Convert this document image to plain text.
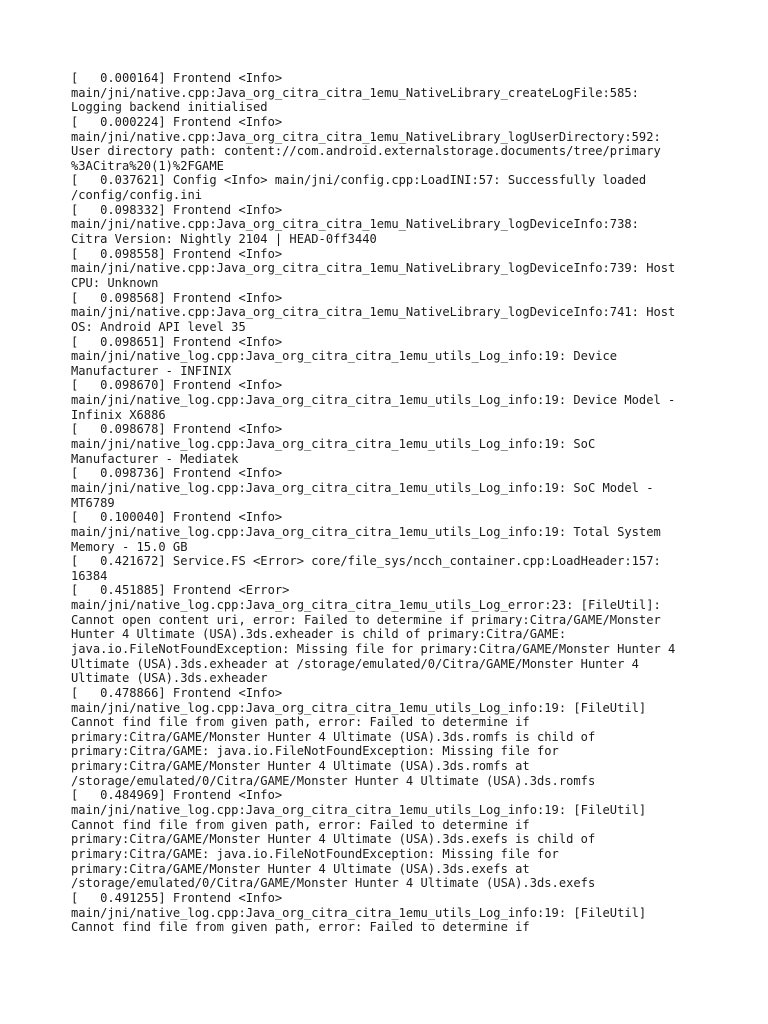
[   0.000164] Frontend <Info>
main/jni/native.cpp:Java_org_citra_citra_1emu_NativeLibrary_createLogFile:585:
Logging backend initialised
[   0.000224] Frontend <Info>
main/jni/native.cpp:Java_org_citra_citra_1emu_NativeLibrary_logUserDirectory:592:
User directory path: content://com.android.externalstorage.documents/tree/primary
%3ACitra%20(1)%2FGAME
[   0.037621] Config <Info> main/jni/config.cpp:LoadINI:57: Successfully loaded
/config/config.ini
[   0.098332] Frontend <Info>
main/jni/native.cpp:Java_org_citra_citra_1emu_NativeLibrary_logDeviceInfo:738:
Citra Version: Nightly 2104 | HEAD-0ff3440
[   0.098558] Frontend <Info>
main/jni/native.cpp:Java_org_citra_citra_1emu_NativeLibrary_logDeviceInfo:739: Host
CPU: Unknown
[   0.098568] Frontend <Info>
main/jni/native.cpp:Java_org_citra_citra_1emu_NativeLibrary_logDeviceInfo:741: Host
OS: Android API level 35
[   0.098651] Frontend <Info>
main/jni/native_log.cpp:Java_org_citra_citra_1emu_utils_Log_info:19: Device
Manufacturer - INFINIX
[   0.098670] Frontend <Info>
main/jni/native_log.cpp:Java_org_citra_citra_1emu_utils_Log_info:19: Device Model -
Infinix X6886
[   0.098678] Frontend <Info>
main/jni/native_log.cpp:Java_org_citra_citra_1emu_utils_Log_info:19: SoC
Manufacturer - Mediatek
[   0.098736] Frontend <Info>
main/jni/native_log.cpp:Java_org_citra_citra_1emu_utils_Log_info:19: SoC Model -
MT6789
[   0.100040] Frontend <Info>
main/jni/native_log.cpp:Java_org_citra_citra_1emu_utils_Log_info:19: Total System
Memory - 15.0 GB
[   0.421672] Service.FS <Error> core/file_sys/ncch_container.cpp:LoadHeader:157:
16384
[   0.451885] Frontend <Error>
main/jni/native_log.cpp:Java_org_citra_citra_1emu_utils_Log_error:23: [FileUtil]:
Cannot open content uri, error: Failed to determine if primary:Citra/GAME/Monster
Hunter 4 Ultimate (USA).3ds.exheader is child of primary:Citra/GAME:
java.io.FileNotFoundException: Missing file for primary:Citra/GAME/Monster Hunter 4
Ultimate (USA).3ds.exheader at /storage/emulated/0/Citra/GAME/Monster Hunter 4
Ultimate (USA).3ds.exheader
[   0.478866] Frontend <Info>
main/jni/native_log.cpp:Java_org_citra_citra_1emu_utils_Log_info:19: [FileUtil]
Cannot find file from given path, error: Failed to determine if
primary:Citra/GAME/Monster Hunter 4 Ultimate (USA).3ds.romfs is child of
primary:Citra/GAME: java.io.FileNotFoundException: Missing file for
primary:Citra/GAME/Monster Hunter 4 Ultimate (USA).3ds.romfs at
/storage/emulated/0/Citra/GAME/Monster Hunter 4 Ultimate (USA).3ds.romfs
[   0.484969] Frontend <Info>
main/jni/native_log.cpp:Java_org_citra_citra_1emu_utils_Log_info:19: [FileUtil]
Cannot find file from given path, error: Failed to determine if
primary:Citra/GAME/Monster Hunter 4 Ultimate (USA).3ds.exefs is child of
primary:Citra/GAME: java.io.FileNotFoundException: Missing file for
primary:Citra/GAME/Monster Hunter 4 Ultimate (USA).3ds.exefs at
/storage/emulated/0/Citra/GAME/Monster Hunter 4 Ultimate (USA).3ds.exefs
[   0.491255] Frontend <Info>
main/jni/native_log.cpp:Java_org_citra_citra_1emu_utils_Log_info:19: [FileUtil]
Cannot find file from given path, error: Failed to determine if
